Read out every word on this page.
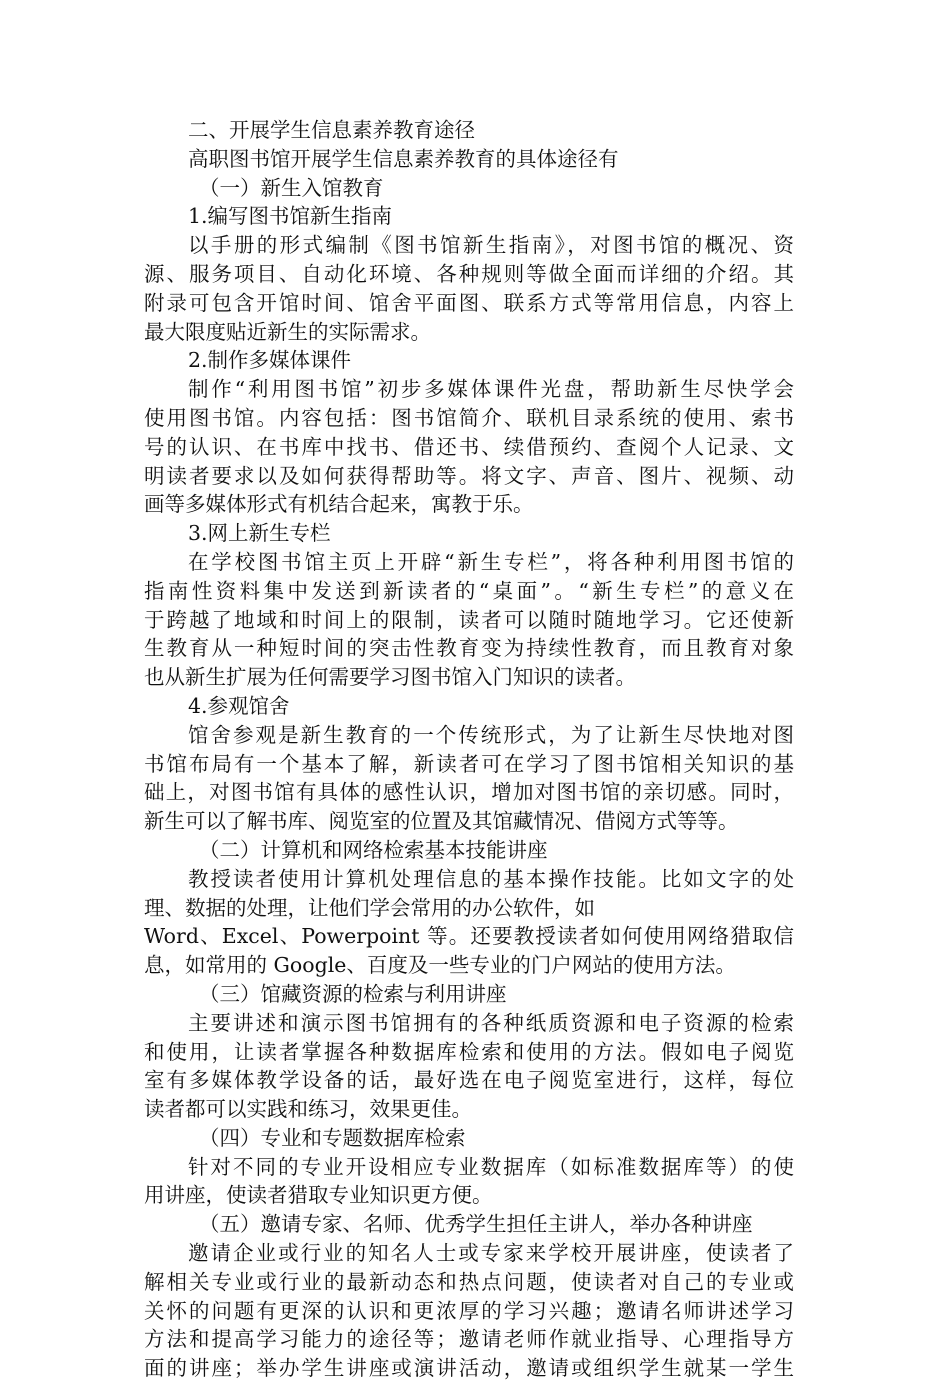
二、开展学生信息素养教育途径
高职图书馆开展学生信息素养教育的具体途径有
（一）新生入馆教育
1.编写图书馆新生指南
以手册的形式编制《图书馆新生指南》，对图书馆的概况、资
源、服务项目、自动化环境、各种规则等做全面而详细的介绍。其
附录可包含开馆时间、馆舍平面图、联系方式等常用信息，内容上
最大限度贴近新生的实际需求。
2.制作多媒体课件
制作“利用图书馆”初步多媒体课件光盘，帮助新生尽快学会
使用图书馆。内容包括：图书馆简介、联机目录系统的使用、索书
号的认识、在书库中找书、借还书、续借预约、查阅个人记录、文
明读者要求以及如何获得帮助等。将文字、声音、图片、视频、动
画等多媒体形式有机结合起来，寓教于乐。
3.网上新生专栏
在学校图书馆主页上开辟“新生专栏”，将各种利用图书馆的
指南性资料集中发送到新读者的“桌面”。“新生专栏”的意义在
于跨越了地域和时间上的限制，读者可以随时随地学习。它还使新
生教育从一种短时间的突击性教育变为持续性教育，而且教育对象
也从新生扩展为任何需要学习图书馆入门知识的读者。
4.参观馆舍
馆舍参观是新生教育的一个传统形式，为了让新生尽快地对图
书馆布局有一个基本了解，新读者可在学习了图书馆相关知识的基
础上，对图书馆有具体的感性认识，增加对图书馆的亲切感。同时，
新生可以了解书库、阅览室的位置及其馆藏情况、借阅方式等等。
（二）计算机和网络检索基本技能讲座
教授读者使用计算机处理信息的基本操作技能。比如文字的处
理、数据的处理，让他们学会常用的办公软件，如
Word、Excel、Powerpoint 等。还要教授读者如何使用网络猎取信
息，如常用的 Google、百度及一些专业的门户网站的使用方法。
（三）馆藏资源的检索与利用讲座
主要讲述和演示图书馆拥有的各种纸质资源和电子资源的检索
和使用，让读者掌握各种数据库检索和使用的方法。假如电子阅览
室有多媒体教学设备的话，最好选在电子阅览室进行，这样，每位
读者都可以实践和练习，效果更佳。
（四）专业和专题数据库检索
针对不同的专业开设相应专业数据库（如标准数据库等）的使
用讲座，使读者猎取专业知识更方便。
（五）邀请专家、名师、优秀学生担任主讲人，举办各种讲座
邀请企业或行业的知名人士或专家来学校开展讲座，使读者了
解相关专业或行业的最新动态和热点问题，使读者对自己的专业或
关怀的问题有更深的认识和更浓厚的学习兴趣；邀请名师讲述学习
方法和提高学习能力的途径等；邀请老师作就业指导、心理指导方
面的讲座；举办学生讲座或演讲活动，邀请或组织学生就某一学生
